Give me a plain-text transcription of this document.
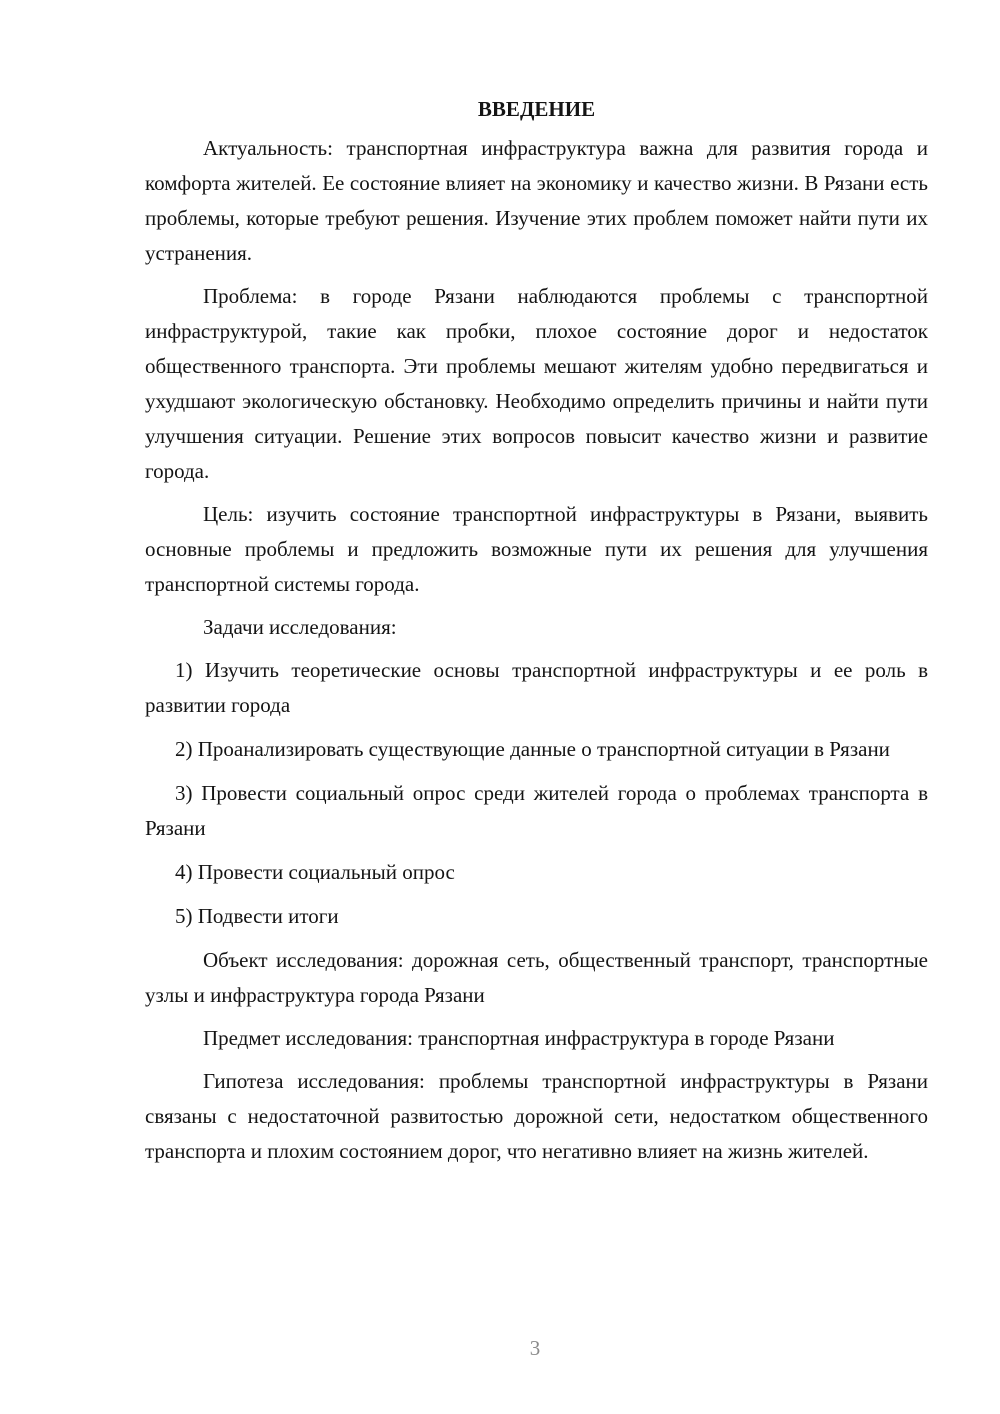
ВВЕДЕНИЕ

Актуальность: транспортная инфраструктура важна для развития города и комфорта жителей. Ее состояние влияет на экономику и качество жизни. В Рязани есть проблемы, которые требуют решения. Изучение этих проблем поможет найти пути их устранения.

Проблема: в городе Рязани наблюдаются проблемы с транспортной инфраструктурой, такие как пробки, плохое состояние дорог и недостаток общественного транспорта. Эти проблемы мешают жителям удобно передвигаться и ухудшают экологическую обстановку. Необходимо определить причины и найти пути улучшения ситуации. Решение этих вопросов повысит качество жизни и развитие города.

Цель: изучить состояние транспортной инфраструктуры в Рязани, выявить основные проблемы и предложить возможные пути их решения для улучшения транспортной системы города.

Задачи исследования:

1) Изучить теоретические основы транспортной инфраструктуры и ее роль в развитии города
2) Проанализировать существующие данные о транспортной ситуации в Рязани
3) Провести социальный опрос среди жителей города о проблемах транспорта в Рязани
4) Провести социальный опрос
5) Подвести итоги

Объект исследования: дорожная сеть, общественный транспорт, транспортные узлы и инфраструктура города Рязани

Предмет исследования: транспортная инфраструктура в городе Рязани

Гипотеза исследования: проблемы транспортной инфраструктуры в Рязани связаны с недостаточной развитостью дорожной сети, недостатком общественного транспорта и плохим состоянием дорог, что негативно влияет на жизнь жителей.

3
